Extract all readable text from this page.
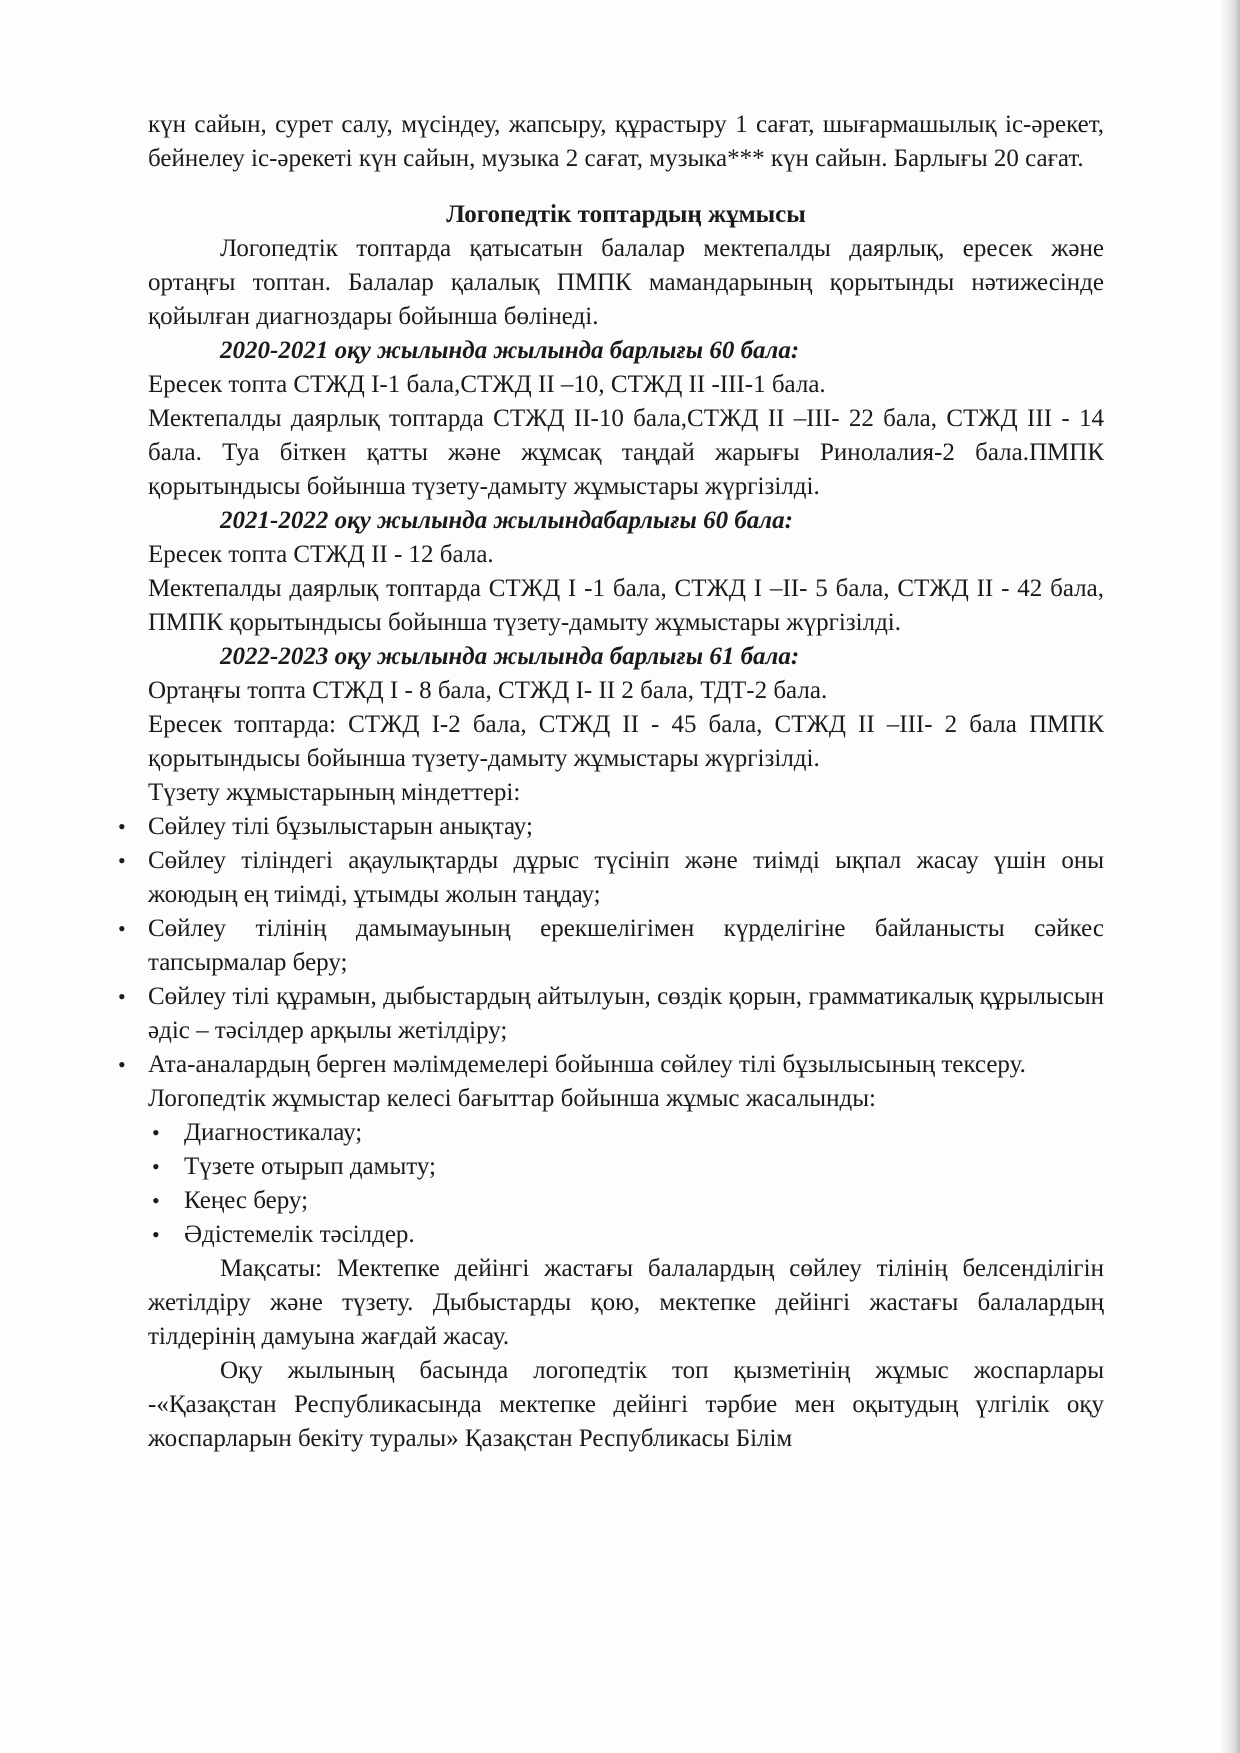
күн сайын, сурет салу, мүсіндеу, жапсыру, құрастыру 1 сағат, шығармашылық іс-әрекет, бейнелеу іс-әрекеті күн сайын, музыка 2 сағат, музыка*** күн сайын. Барлығы 20 сағат.

Логопедтік топтардың жұмысы

Логопедтік топтарда қатысатын балалар мектепалды даярлық, ересек және ортаңғы топтан. Балалар қалалық ПМПК мамандарының қорытынды нәтижесінде қойылған диагноздары бойынша бөлінеді.

2020-2021 оқу жылында жылында барлығы 60 бала:

Ересек топта СТЖД І-1 бала,СТЖД ІІ –10, СТЖД ІІ -ІІІ-1 бала.

Мектепалды даярлық топтарда СТЖД ІІ-10 бала,СТЖД ІІ –ІІІ- 22 бала, СТЖД ІІІ - 14 бала. Туа біткен қатты және жұмсақ таңдай жарығы Ринолалия-2 бала.ПМПК қорытындысы бойынша түзету-дамыту жұмыстары жүргізілді.

2021-2022 оқу жылында жылындабарлығы 60 бала:

Ересек топта СТЖД ІІ - 12 бала.

Мектепалды даярлық топтарда СТЖД І -1 бала, СТЖД І –ІІ- 5 бала, СТЖД ІІ - 42 бала, ПМПК қорытындысы бойынша түзету-дамыту жұмыстары жүргізілді.

2022-2023 оқу жылында жылында барлығы 61 бала:

Ортаңғы топта СТЖД І - 8 бала, СТЖД І- ІІ 2 бала, ТДТ-2 бала.

Ересек топтарда: СТЖД І-2 бала, СТЖД ІІ - 45 бала, СТЖД ІІ –ІІІ- 2 бала ПМПК қорытындысы бойынша түзету-дамыту жұмыстары жүргізілді.

Түзету жұмыстарының міндеттері:

• Сөйлеу тілі бұзылыстарын анықтау;
• Сөйлеу тіліндегі ақаулықтарды дұрыс түсініп және тиімді ықпал жасау үшін оны жоюдың ең тиімді, ұтымды жолын таңдау;
• Сөйлеу тілінің дамымауының ерекшелігімен күрделігіне байланысты сәйкес тапсырмалар беру;
• Сөйлеу тілі құрамын, дыбыстардың айтылуын, сөздік қорын, грамматикалық құрылысын әдіс – тәсілдер арқылы жетілдіру;
• Ата-аналардың берген мәлімдемелері бойынша сөйлеу тілі бұзылысының тексеру.

Логопедтік жұмыстар келесі бағыттар бойынша жұмыс жасалынды:

• Диагностикалау;
• Түзете отырып дамыту;
• Кеңес беру;
• Әдістемелік тәсілдер.

Мақсаты: Мектепке дейінгі жастағы балалардың сөйлеу тілінің белсенділігін жетілдіру және түзету. Дыбыстарды қою, мектепке дейінгі жастағы балалардың тілдерінің дамуына жағдай жасау.

Оқу жылының басында логопедтік топ қызметінің жұмыс жоспарлары -«Қазақстан Республикасында мектепке дейінгі тәрбие мен оқытудың үлгілік оқу жоспарларын бекіту туралы» Қазақстан Республикасы Білім
